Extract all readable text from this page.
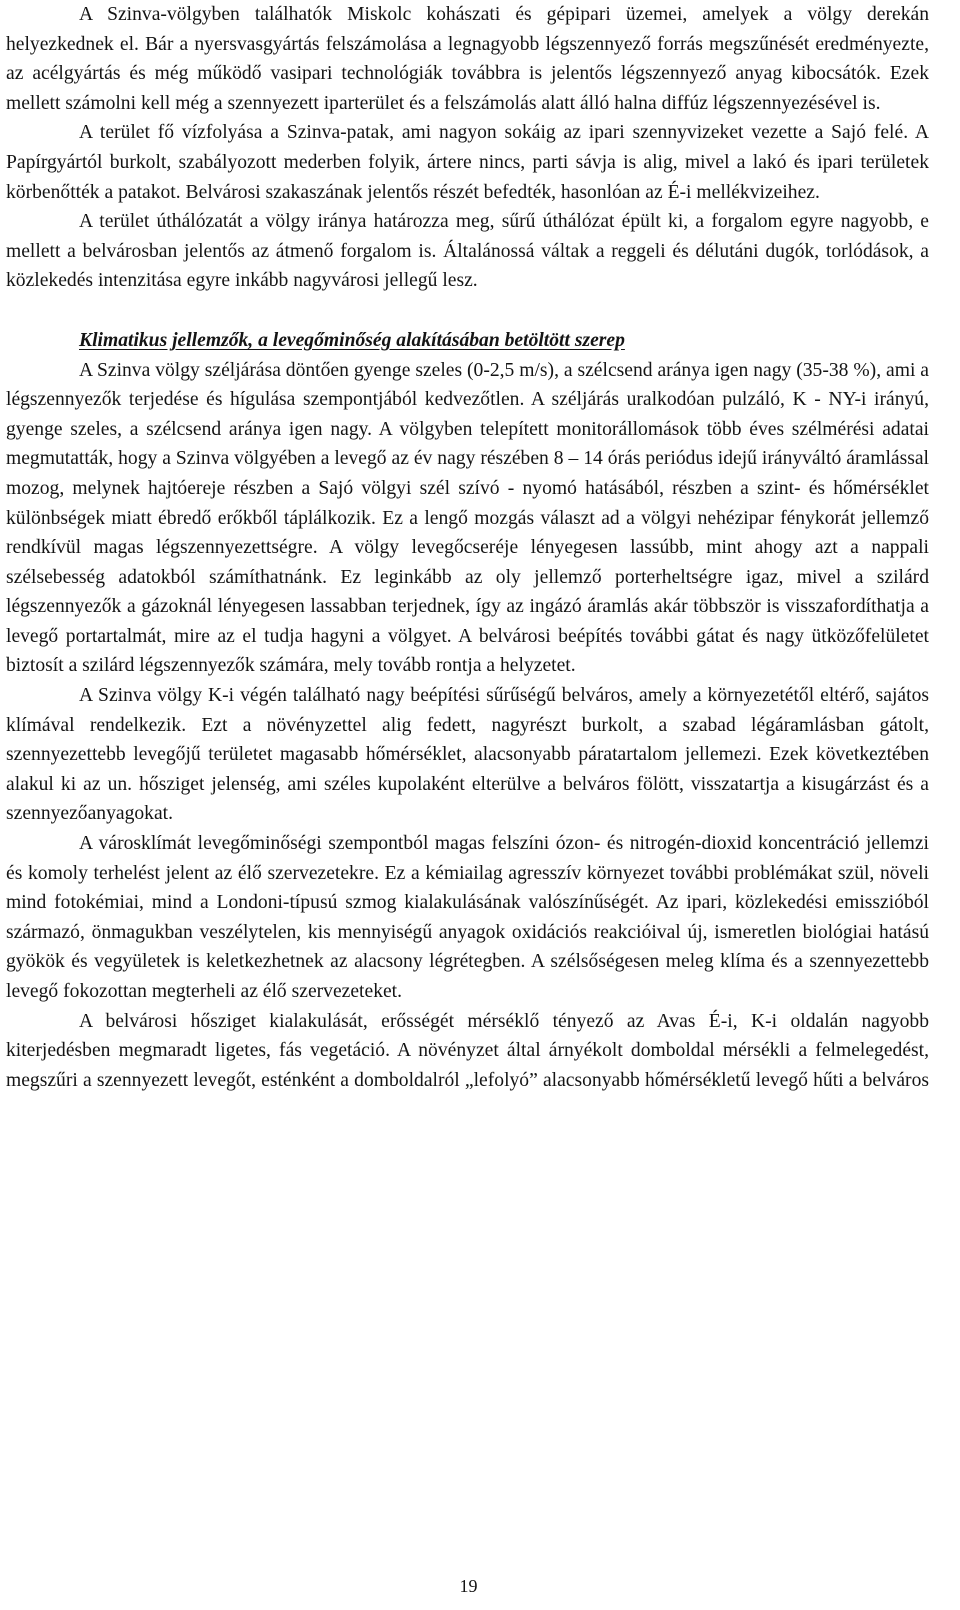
A Szinva-völgyben találhatók Miskolc kohászati és gépipari üzemei, amelyek a völgy derekán helyezkednek el. Bár a nyersvasgyártás felszámolása a legnagyobb légszennyező forrás megszűnését eredményezte, az acélgyártás és még működő vasipari technológiák továbbra is jelentős légszennyező anyag kibocsátók. Ezek mellett számolni kell még a szennyezett iparterület és a felszámolás alatt álló halna diffúz légszennyezésével is.

A terület fő vízfolyása a Szinva-patak, ami nagyon sokáig az ipari szennyvizeket vezette a Sajó felé. A Papírgyártól burkolt, szabályozott mederben folyik, ártere nincs, parti sávja is alig, mivel a lakó és ipari területek körbenőtték a patakot. Belvárosi szakaszának jelentős részét befedték, hasonlóan az É-i mellékvizeihez.

A terület úthálózatát a völgy iránya határozza meg, sűrű úthálózat épült ki, a forgalom egyre nagyobb, e mellett a belvárosban jelentős az átmenő forgalom is. Általánossá váltak a reggeli és délutáni dugók, torlódások, a közlekedés intenzitása egyre inkább nagyvárosi jellegű lesz.

Klimatikus jellemzők, a levegőminőség alakításában betöltött szerep

A Szinva völgy széljárása döntően gyenge szeles (0-2,5 m/s), a szélcsend aránya igen nagy (35-38 %), ami a légszennyezők terjedése és hígulása szempontjából kedvezőtlen. A széljárás uralkodóan pulzáló, K - NY-i irányú, gyenge szeles, a szélcsend aránya igen nagy. A völgyben telepített monitorállomások több éves szélmérési adatai megmutatták, hogy a Szinva völgyében a levegő az év nagy részében 8 – 14 órás periódus idejű irányváltó áramlással mozog, melynek hajtóereje részben a Sajó völgyi szél szívó - nyomó hatásából, részben a szint- és hőmérséklet különbségek miatt ébredő erőkből táplálkozik. Ez a lengő mozgás választ ad a völgyi nehézipar fénykorát jellemző rendkívül magas légszennyezettségre. A völgy levegőcseréje lényegesen lassúbb, mint ahogy azt a nappali szélsebesség adatokból számíthatnánk. Ez leginkább az oly jellemző porterheltségre igaz, mivel a szilárd légszennyezők a gázoknál lényegesen lassabban terjednek, így az ingázó áramlás akár többször is visszafordíthatja a levegő portartalmát, mire az el tudja hagyni a völgyet. A belvárosi beépítés további gátat és nagy ütközőfelületet biztosít a szilárd légszennyezők számára, mely tovább rontja a helyzetet.

A Szinva völgy K-i végén található nagy beépítési sűrűségű belváros, amely a környezetétől eltérő, sajátos klímával rendelkezik. Ezt a növényzettel alig fedett, nagyrészt burkolt, a szabad légáramlásban gátolt, szennyezettebb levegőjű területet magasabb hőmérséklet, alacsonyabb páratartalom jellemezi. Ezek következtében alakul ki az un. hősziget jelenség, ami széles kupolaként elterülve a belváros fölött, visszatartja a kisugárzást és a szennyezőanyagokat.

A városklímát levegőminőségi szempontból magas felszíni ózon- és nitrogén-dioxid koncentráció jellemzi és komoly terhelést jelent az élő szervezetekre. Ez a kémiailag agresszív környezet további problémákat szül, növeli mind fotokémiai, mind a Londoni-típusú szmog kialakulásának valószínűségét. Az ipari, közlekedési emisszióból származó, önmagukban veszélytelen, kis mennyiségű anyagok oxidációs reakcióival új, ismeretlen biológiai hatású gyökök és vegyületek is keletkezhetnek az alacsony légrétegben. A szélsőségesen meleg klíma és a szennyezettebb levegő fokozottan megterheli az élő szervezeteket.

A belvárosi hősziget kialakulását, erősségét mérséklő tényező az Avas É-i, K-i oldalán nagyobb kiterjedésben megmaradt ligetes, fás vegetáció. A növényzet által árnyékolt domboldal mérsékli a felmelegedést, megszűri a szennyezett levegőt, esténként a domboldalról „lefolyó” alacsonyabb hőmérsékletű levegő hűti a belváros

19
